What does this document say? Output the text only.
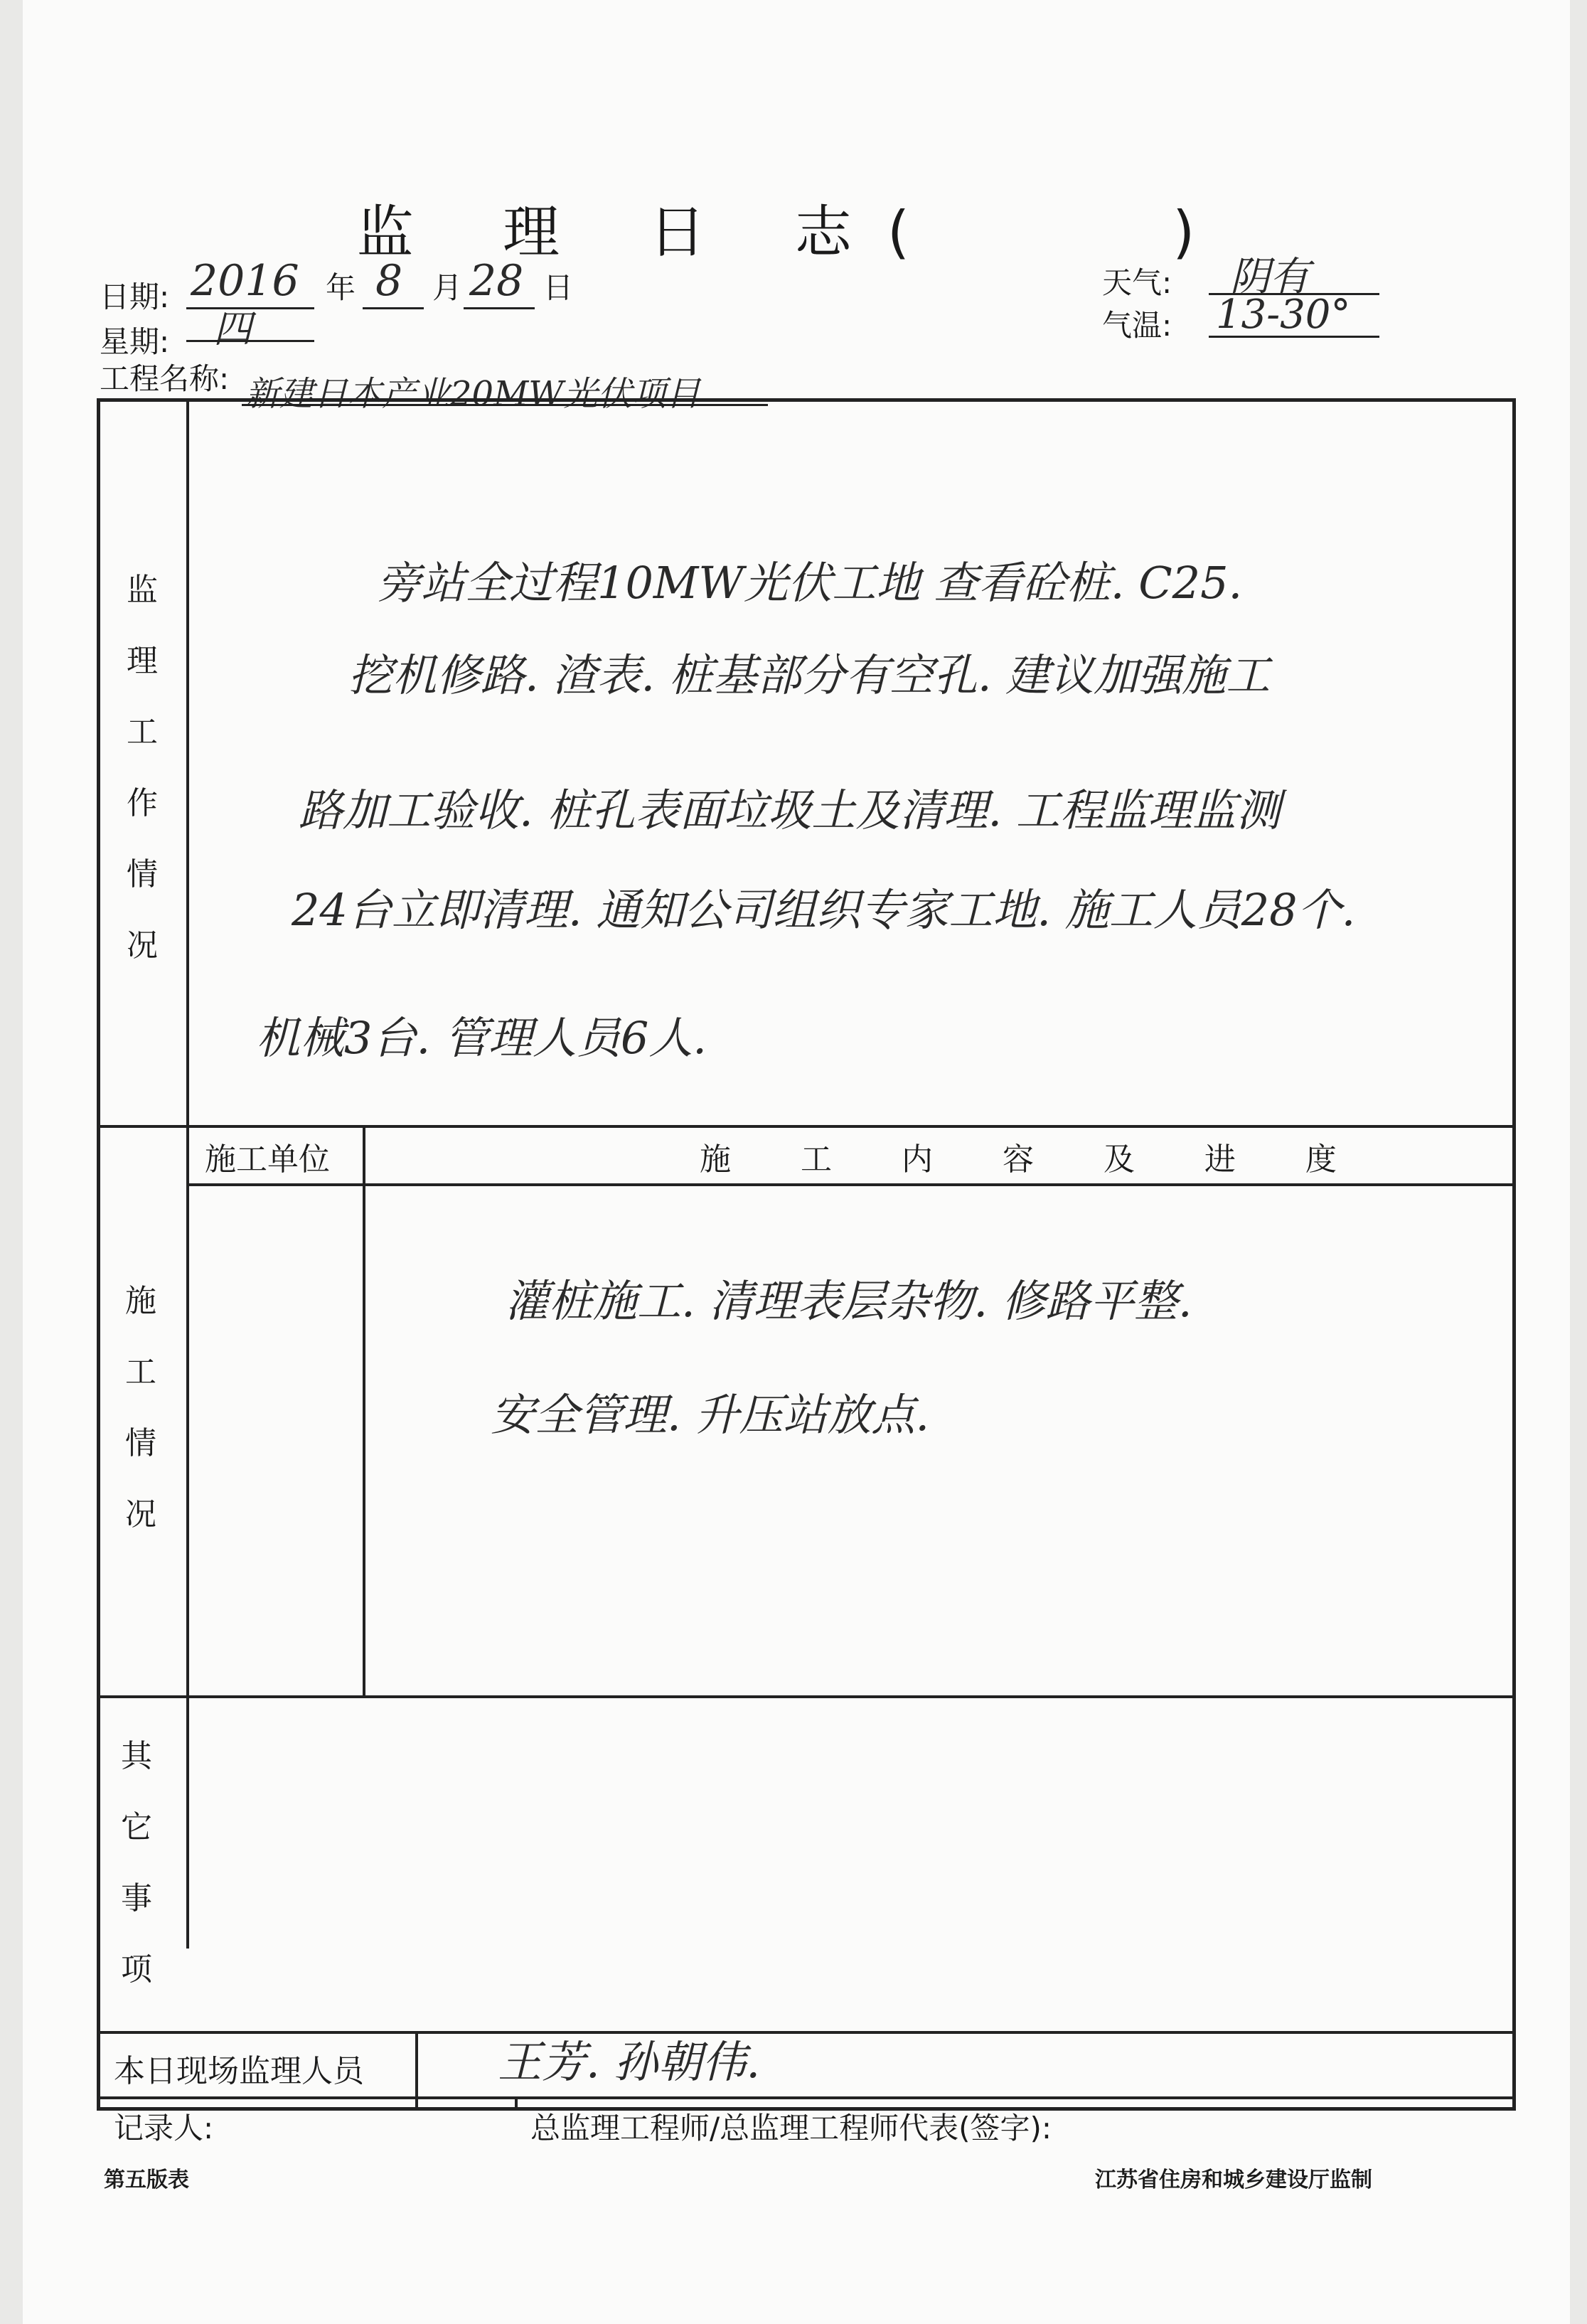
监 理 日 志(	)
日期: 2016 年 8 月 28 日
星期: 四
天气: 阴有
气温: 13-30°
工程名称: 新建日本产业20MW光伏项目
监
理
工
作
情
况
旁站全过程10MW光伏工地 查看砼桩. C25.
挖机修路. 渣表. 桩基部分有空孔. 建议加强施工
路加工验收. 桩孔表面垃圾土及清理. 工程监理监测
24台立即清理. 通知公司组织专家工地. 施工人员28个.
机械3台. 管理人员6人.
施
工
情
况
施工单位	施 工 内 容 及 进 度
灌桩施工. 清理表层杂物. 修路平整.
安全管理. 升压站放点.
其
它
事
项
本日现场监理人员	王芳. 孙朝伟.
记录人:	总监理工程师/总监理工程师代表(签字):
第五版表	江苏省住房和城乡建设厅监制
